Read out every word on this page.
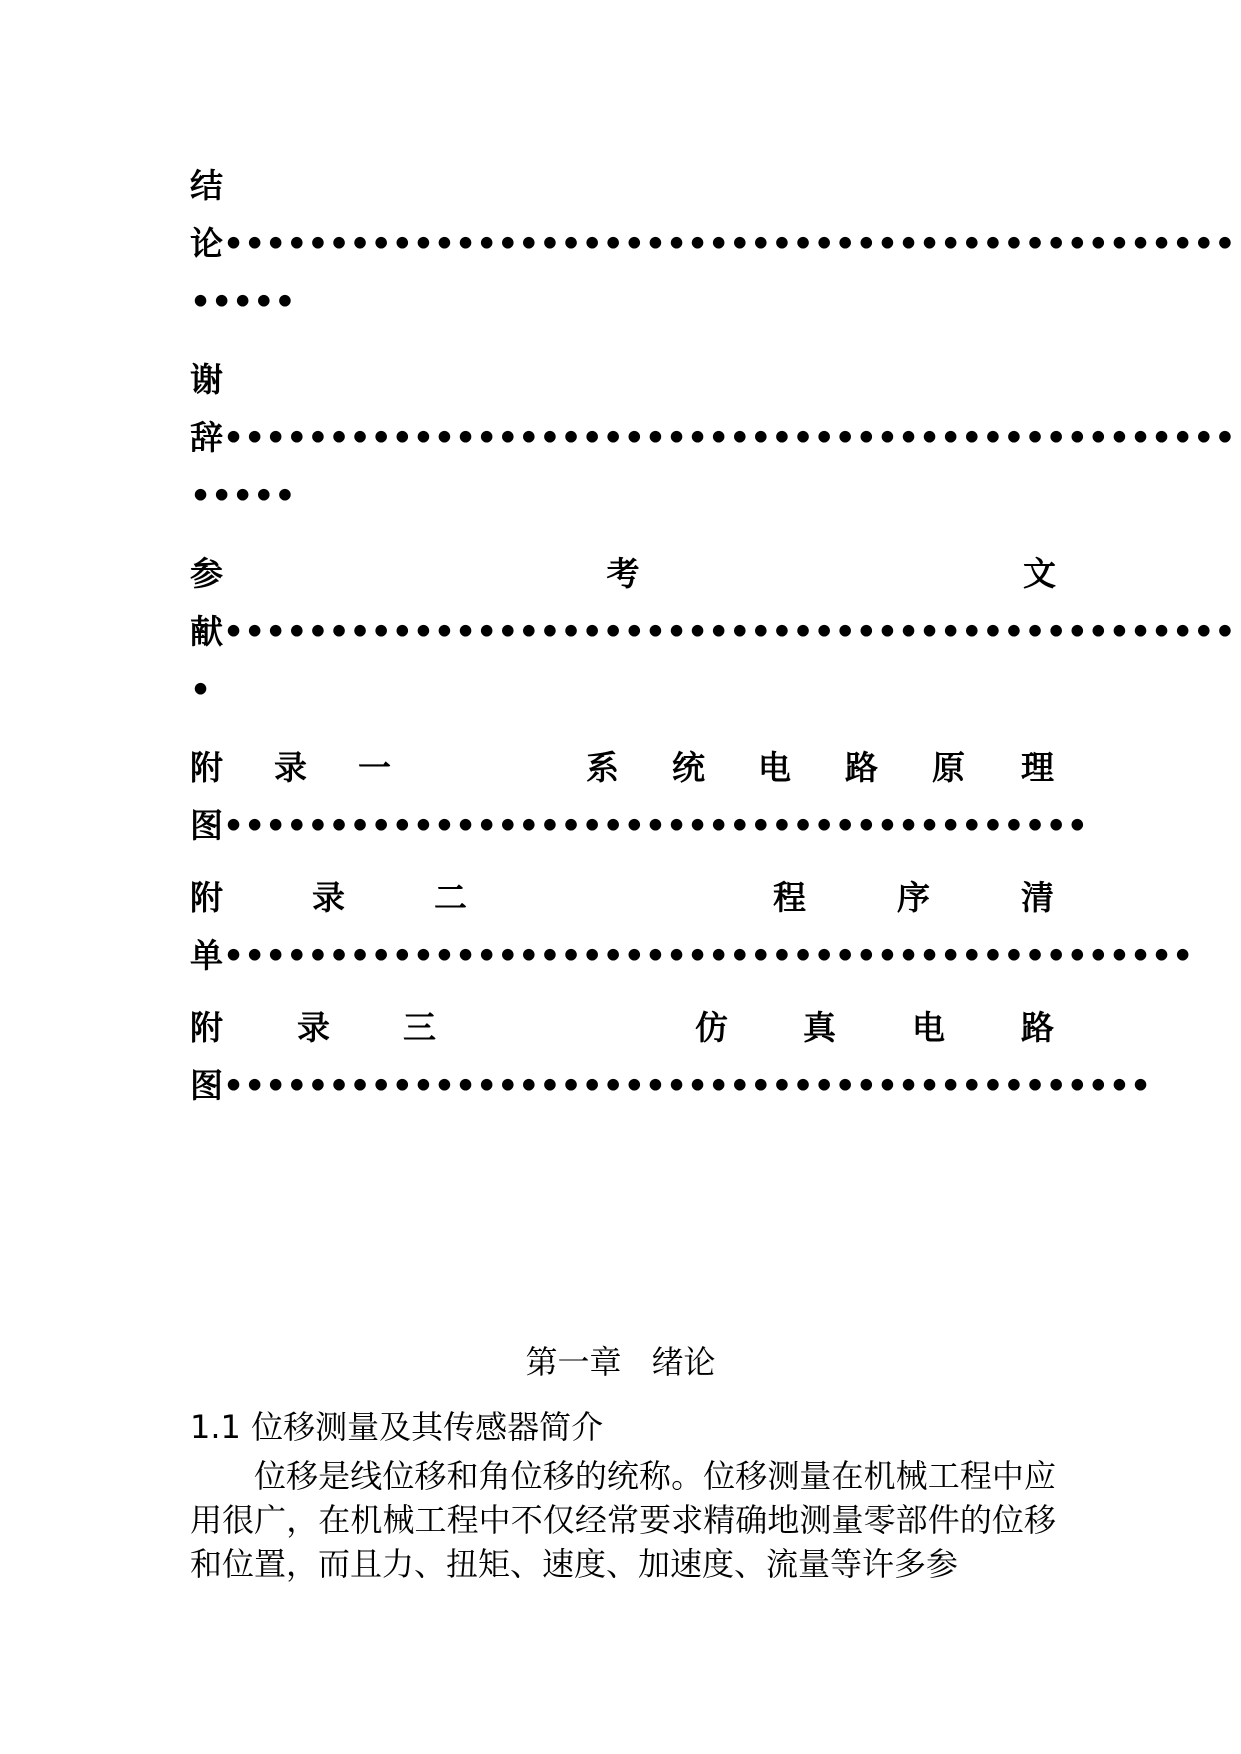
结
论••••••••••••••••••••••••••••••••••••••••••••••••
•••••
谢
辞••••••••••••••••••••••••••••••••••••••••••••••••
•••••
参	考	文
献••••••••••••••••••••••••••••••••••••••••••••••••
•
附 录 一	系 统 电 路 原 理
图•••••••••••••••••••••••••••••••••••••••••
附	录	二	程	序	清
单••••••••••••••••••••••••••••••••••••••••••••••
附 录 三	仿 真 电 路
图••••••••••••••••••••••••••••••••••••••••••••
第一章 绪论
1.1 位移测量及其传感器简介

位移是线位移和角位移的统称。位移测量在机械工程中应用很广，在机械工程中不仅经常要求精确地测量零部件的位移和位置，而且力、扭矩、速度、加速度、流量等许多参
